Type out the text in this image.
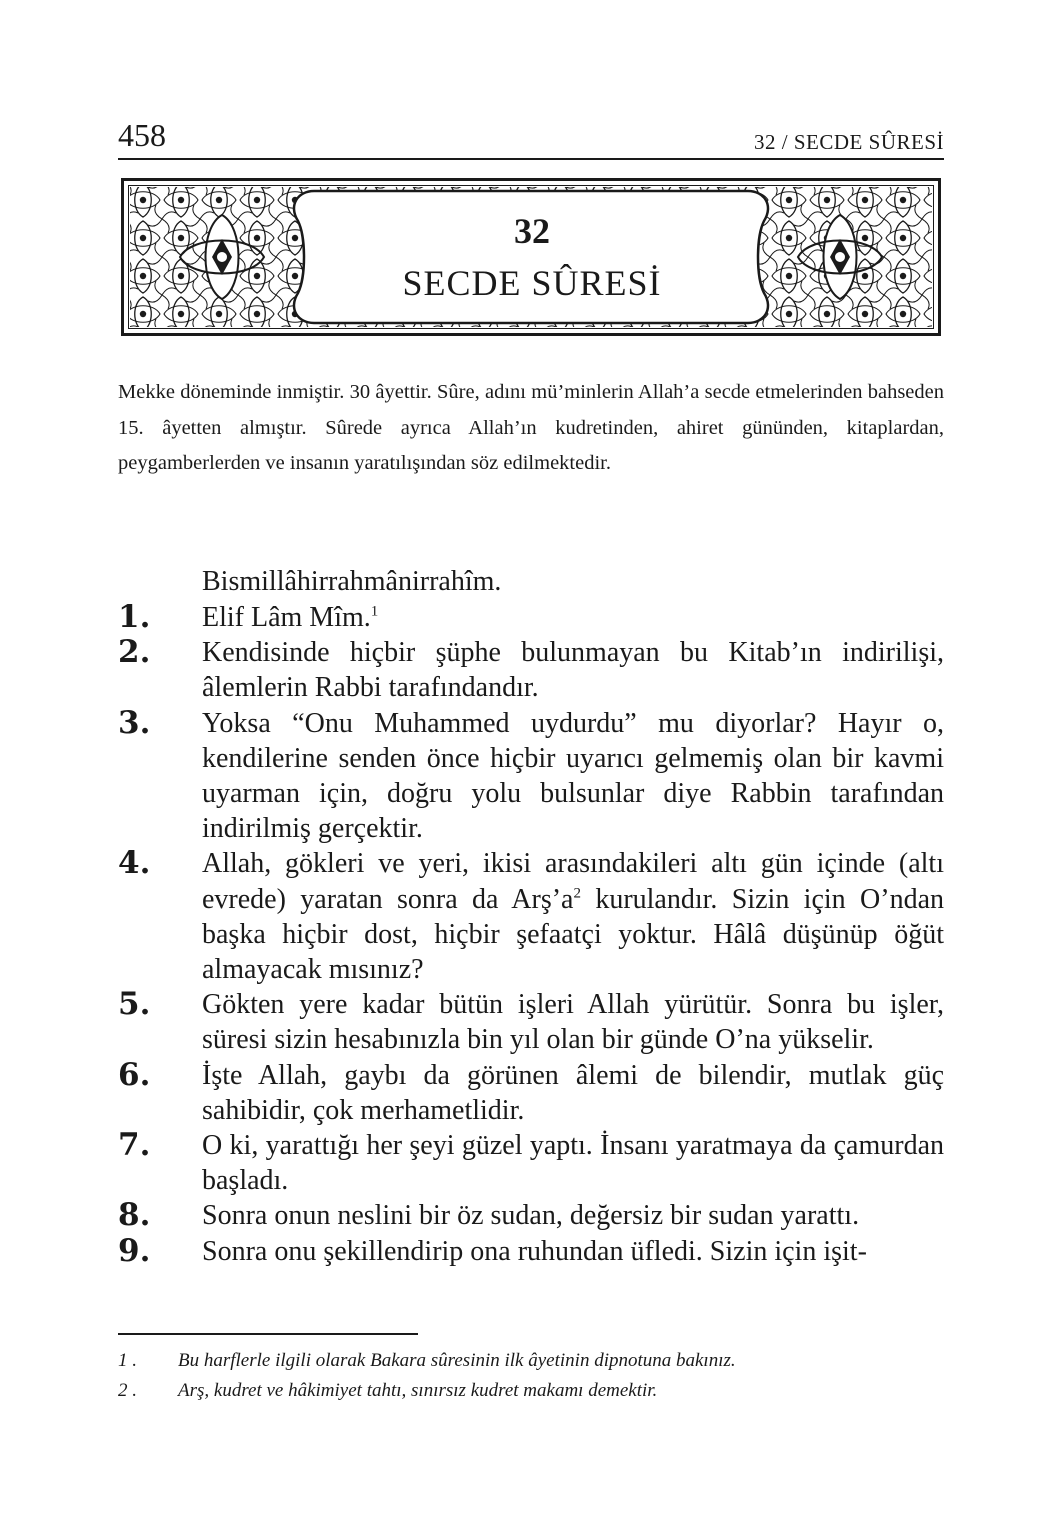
458	32 / SECDE SÛRESİ
32
SECDE SÛRESİ

Mekke döneminde inmiştir. 30 âyettir. Sûre, adını mü’minlerin Allah’a secde etmelerinden bahseden 15. âyetten almıştır. Sûrede ayrıca Allah’ın kudretinden, ahiret gününden, kitaplardan, peygamberlerden ve insanın yaratılışından söz edilmektedir.

Bismillâhirrahmânirrahîm.
1. Elif Lâm Mîm.$^1$
2. Kendisinde hiçbir şüphe bulunmayan bu Kitab’ın indirilişi, âlemlerin Rabbi tarafındandır.
3. Yoksa “Onu Muhammed uydurdu” mu diyorlar? Hayır o, kendilerine senden önce hiçbir uyarıcı gelmemiş olan bir kavmi uyarman için, doğru yolu bulsunlar diye Rabbin tarafından indirilmiş gerçektir.
4. Allah, gökleri ve yeri, ikisi arasındakileri altı gün içinde (altı evrede) yaratan sonra da $Arş’a^2$ kurulandır. Sizin için O’ndan başka hiçbir dost, hiçbir şefaatçi yoktur. Hâlâ düşünüp öğüt almayacak mısınız?
5. Gökten yere kadar bütün işleri Allah yürütür. Sonra bu işler, süresi sizin hesabınızla bin yıl olan bir günde O’na yükselir.
6. İşte Allah, gaybı da görünen âlemi de bilendir, mutlak güç sahibidir, çok merhametlidir.
7. O ki, yarattığı her şeyi güzel yaptı. İnsanı yaratmaya da çamurdan başladı.
8. Sonra onun neslini bir öz sudan, değersiz bir sudan yarattı.
9. Sonra onu şekillendirip ona ruhundan üfledi. Sizin için işit-
1 . Bu harflerle ilgili olarak Bakara sûresinin ilk âyetinin dipnotuna bakınız.
2 . Arş, kudret ve hâkimiyet tahtı, sınırsız kudret makamı demektir.
